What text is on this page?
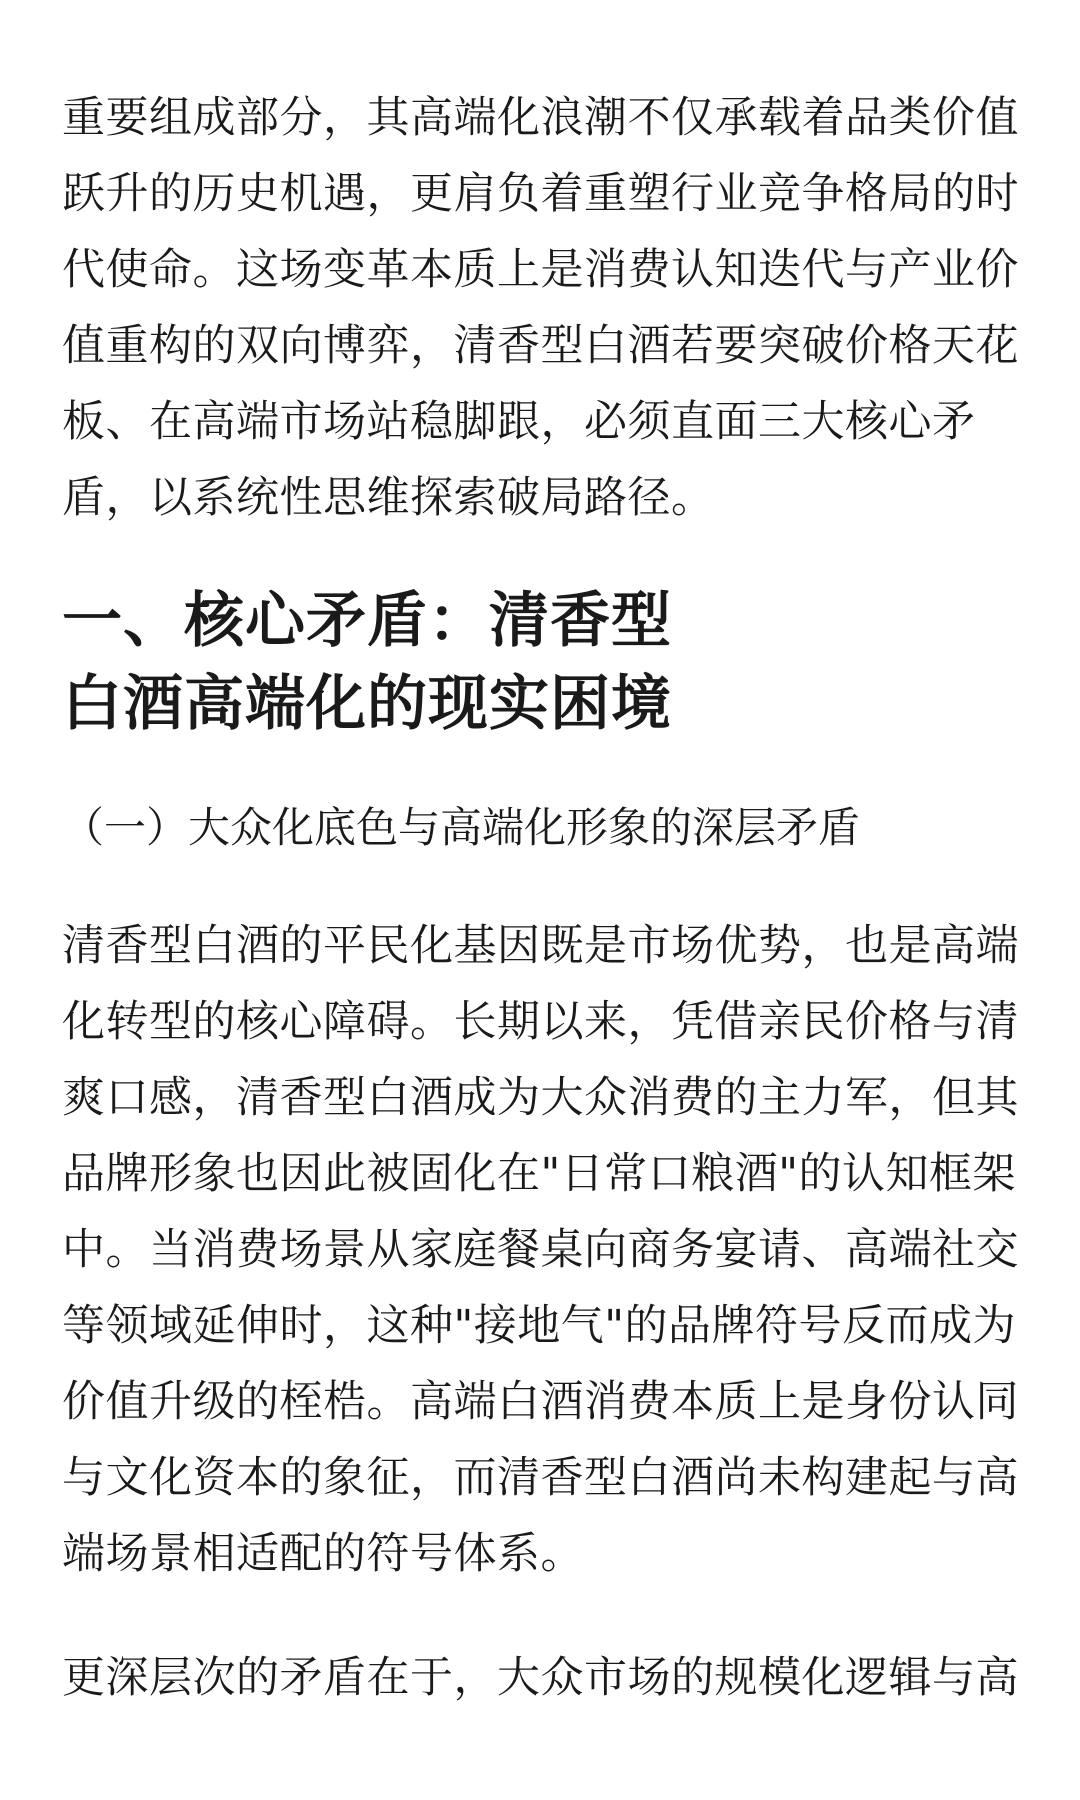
重要组成部分，其高端化浪潮不仅承载着品类价值
跃升的历史机遇，更肩负着重塑行业竞争格局的时
代使命。这场变革本质上是消费认知迭代与产业价
值重构的双向博弈，清香型白酒若要突破价格天花
板、在高端市场站稳脚跟，必须直面三大核心矛
盾，以系统性思维探索破局路径。

一、核心矛盾：清香型
白酒高端化的现实困境
（一）大众化底色与高端化形象的深层矛盾

清香型白酒的平民化基因既是市场优势，也是高端
化转型的核心障碍。长期以来，凭借亲民价格与清
爽口感，清香型白酒成为大众消费的主力军，但其
品牌形象也因此被固化在"日常口粮酒"的认知框架
中。当消费场景从家庭餐桌向商务宴请、高端社交
等领域延伸时，这种"接地气"的品牌符号反而成为
价值升级的桎梏。高端白酒消费本质上是身份认同
与文化资本的象征，而清香型白酒尚未构建起与高
端场景相适配的符号体系。

更深层次的矛盾在于，大众市场的规模化逻辑与高
